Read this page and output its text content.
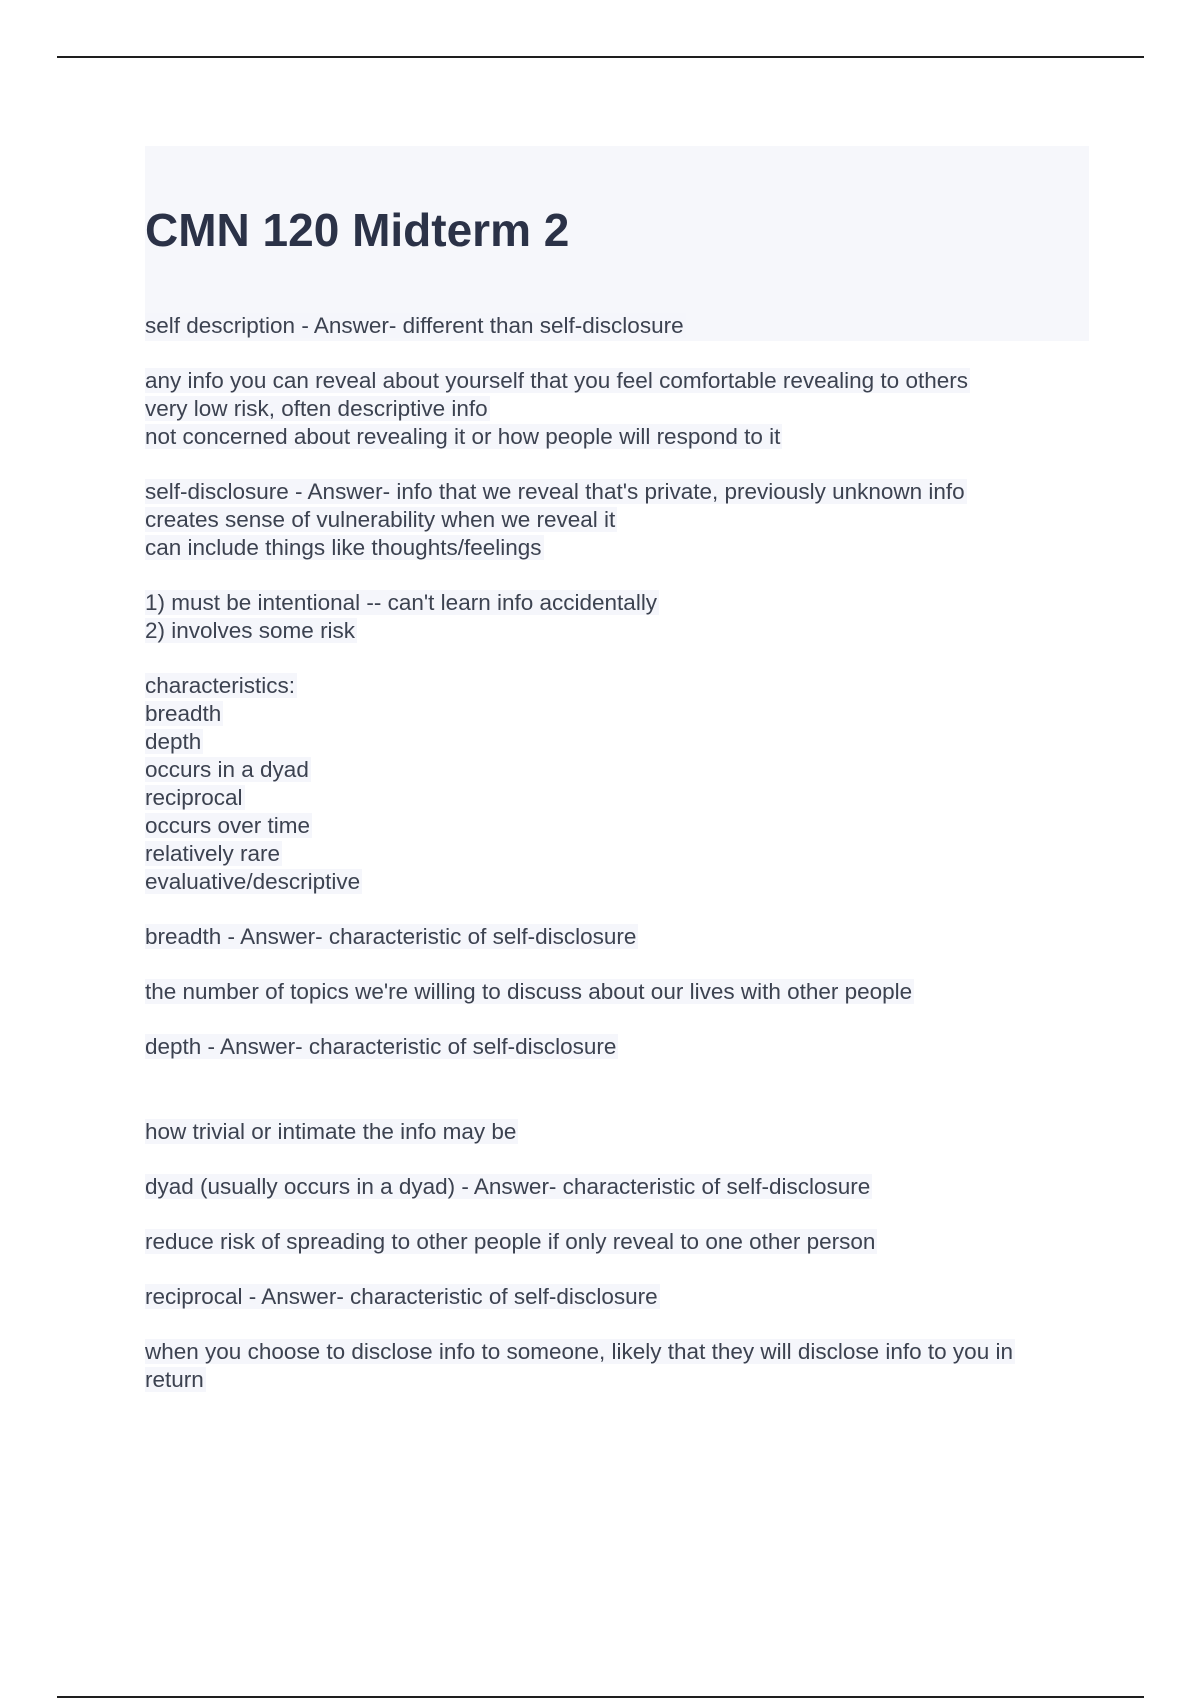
CMN 120 Midterm 2
self description - Answer- different than self-disclosure
any info you can reveal about yourself that you feel comfortable revealing to others
very low risk, often descriptive info
not concerned about revealing it or how people will respond to it
self-disclosure - Answer- info that we reveal that's private, previously unknown info
creates sense of vulnerability when we reveal it
can include things like thoughts/feelings
1) must be intentional -- can't learn info accidentally
2) involves some risk
characteristics:
breadth
depth
occurs in a dyad
reciprocal
occurs over time
relatively rare
evaluative/descriptive
breadth - Answer- characteristic of self-disclosure
the number of topics we're willing to discuss about our lives with other people
depth - Answer- characteristic of self-disclosure
how trivial or intimate the info may be
dyad (usually occurs in a dyad) - Answer- characteristic of self-disclosure
reduce risk of spreading to other people if only reveal to one other person
reciprocal - Answer- characteristic of self-disclosure
when you choose to disclose info to someone, likely that they will disclose info to you in
return
